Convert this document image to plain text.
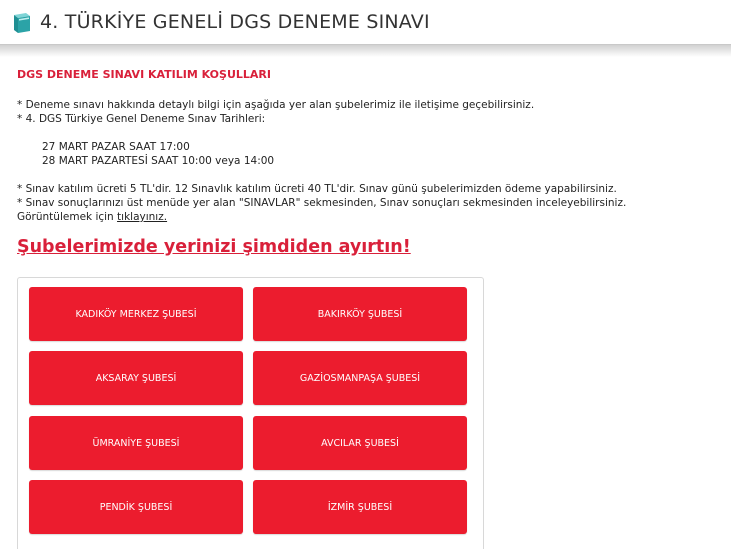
4. TÜRKİYE GENELİ DGS DENEME SINAVI
DGS DENEME SINAVI KATILIM KOŞULLARI
* Deneme sınavı hakkında detaylı bilgi için aşağıda yer alan şubelerimiz ile iletişime geçebilirsiniz.
* 4. DGS Türkiye Genel Deneme Sınav Tarihleri:
27 MART PAZAR SAAT 17:00
28 MART PAZARTESİ SAAT 10:00 veya 14:00
* Sınav katılım ücreti 5 TL'dir. 12 Sınavlık katılım ücreti 40 TL'dir. Sınav günü şubelerimizden ödeme yapabilirsiniz.
* Sınav sonuçlarınızı üst menüde yer alan "SINAVLAR" sekmesinden, Sınav sonuçları sekmesinden inceleyebilirsiniz.
Görüntülemek için tıklayınız.
Şubelerimizde yerinizi şimdiden ayırtın!
KADIKÖY MERKEZ ŞUBESİ	BAKIRKÖY ŞUBESİ
AKSARAY ŞUBESİ	GAZİOSMANPAŞA ŞUBESİ
ÜMRANİYE ŞUBESİ	AVCILAR ŞUBESİ
PENDİK ŞUBESİ	İZMİR ŞUBESİ
